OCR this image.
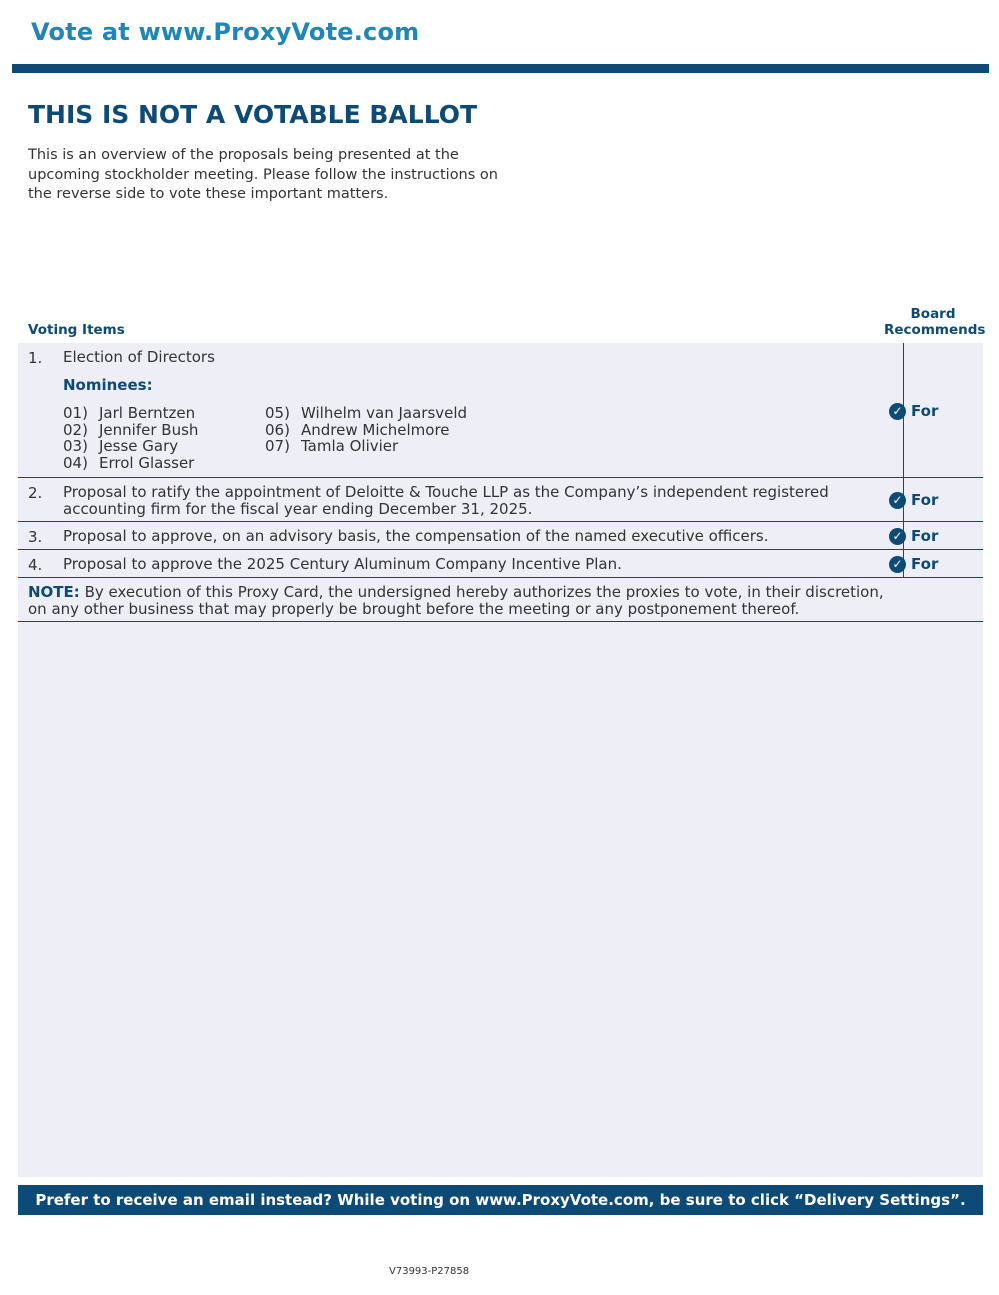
Vote at www.ProxyVote.com
THIS IS NOT A VOTABLE BALLOT

This is an overview of the proposals being presented at the upcoming stockholder meeting. Please follow the instructions on the reverse side to vote these important matters.

Voting Items
Board
Recommends
1. Election of Directors
Nominees:
01) Jarl Berntzen
02) Jennifer Bush
03) Jesse Gary
04) Errol Glasser
05) Wilhelm van Jaarsveld
06) Andrew Michelmore
07) Tamla Olivier
✓ For
2. Proposal to ratify the appointment of Deloitte & Touche LLP as the Company’s independent registered accounting firm for the fiscal year ending December 31, 2025.	✓ For
3. Proposal to approve, on an advisory basis, the compensation of the named executive officers.	✓ For
4. Proposal to approve the 2025 Century Aluminum Company Incentive Plan.	✓ For
NOTE: By execution of this Proxy Card, the undersigned hereby authorizes the proxies to vote, in their discretion, on any other business that may properly be brought before the meeting or any postponement thereof.
Prefer to receive an email instead? While voting on www.ProxyVote.com, be sure to click “Delivery Settings”.
V73993-P27858
